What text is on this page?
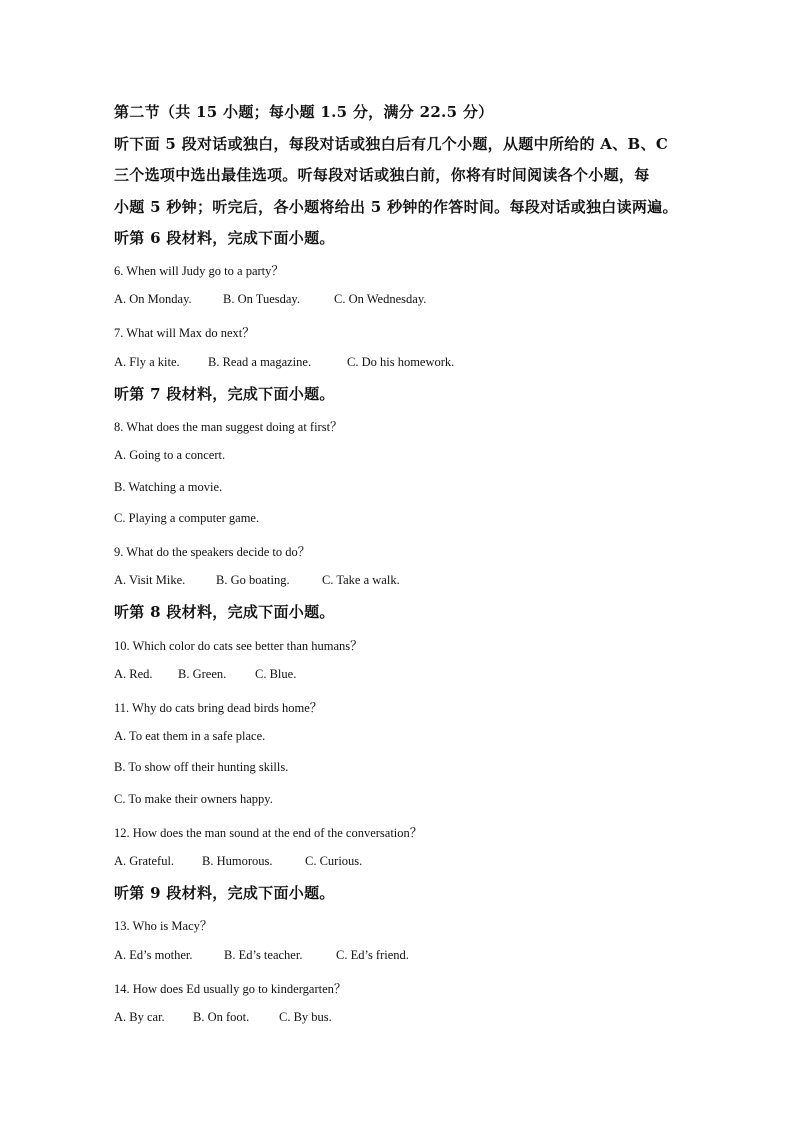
第二节（共 15 小题；每小题 1.5 分，满分 22.5 分）
听下面 5 段对话或独白，每段对话或独白后有几个小题，从题中所给的 A、B、C
三个选项中选出最佳选项。听每段对话或独白前，你将有时间阅读各个小题，每
小题 5 秒钟；听完后，各小题将给出 5 秒钟的作答时间。每段对话或独白读两遍。
听第 6 段材料，完成下面小题。
6. When will Judy go to a party？
A. On Monday.	B. On Tuesday.	C. On Wednesday.
7. What will Max do next？
A. Fly a kite. B. Read a magazine.	C. Do his homework.
听第 7 段材料，完成下面小题。
8. What does the man suggest doing at first？
A. Going to a concert.
B. Watching a movie.
C. Playing a computer game.
9. What do the speakers decide to do？
A. Visit Mike. B. Go boating.	C. Take a walk.
听第 8 段材料，完成下面小题。
10. Which color do cats see better than humans？
A. Red. B. Green. C. Blue.
11. Why do cats bring dead birds home？
A. To eat them in a safe place.
B. To show off their hunting skills.
C. To make their owners happy.
12. How does the man sound at the end of the conversation？
A. Grateful. B. Humorous.	C. Curious.
听第 9 段材料，完成下面小题。
13. Who is Macy？
A. Ed’s mother.	B. Ed’s teacher.	C. Ed’s friend.
14. How does Ed usually go to kindergarten？
A. By car. B. On foot. C. By bus.
